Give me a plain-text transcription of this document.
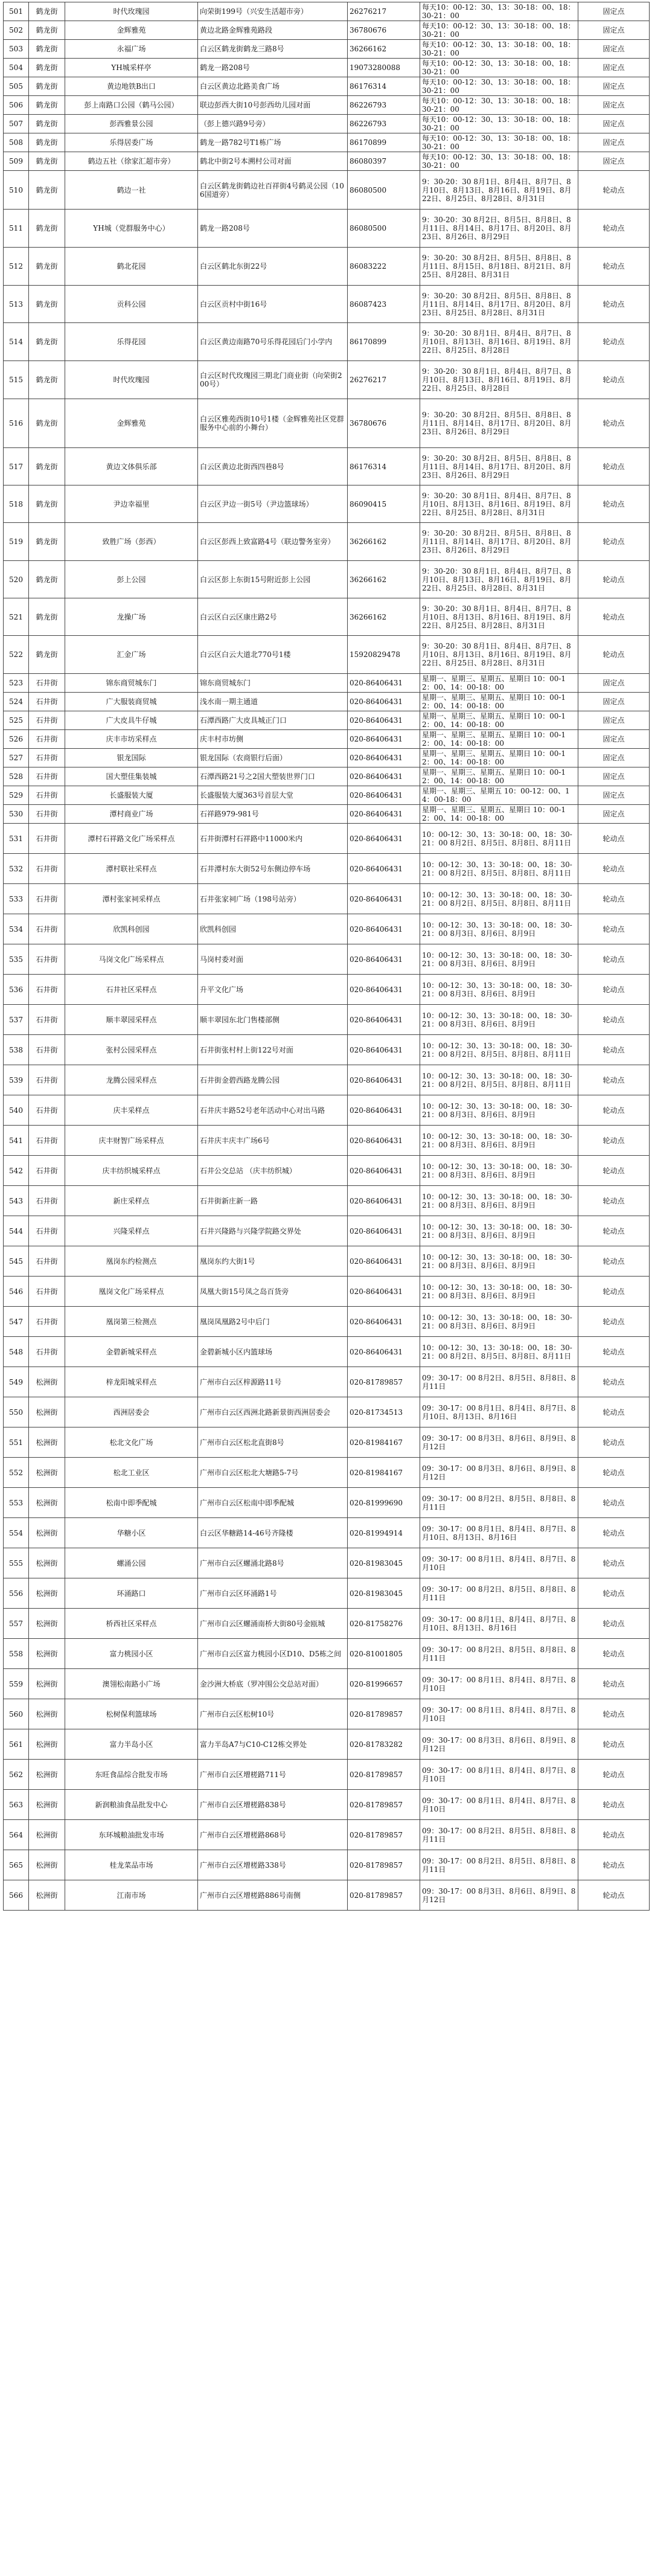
501	鹤龙街	时代玫瑰园	向荣街199号（兴安生活超市旁）	26276217	每天10：00-12：30、13：30-18：00、18：30-21：00	固定点
502	鹤龙街	金辉雅苑	黄边北路金辉雅苑路段	36780676	每天10：00-12：30、13：30-18：00、18：30-21：00	固定点
503	鹤龙街	永福广场	白云区鹤龙街鹤龙三路8号	36266162	每天10：00-12：30、13：30-18：00、18：30-21：00	固定点
504	鹤龙街	YH城采样亭	鹤龙一路208号	19073280088	每天10：00-12：30、13：30-18：00、18：30-21：00	固定点
505	鹤龙街	黄边地铁B出口	白云区黄边北路美食广场	86176314	每天10：00-12：30、13：30-18：00、18：30-21：00	固定点
506	鹤龙街	彭上南路口公园（鹤马公园）	联边彭西大街10号彭西幼儿园对面	86226793	每天10：00-12：30、13：30-18：00、18：30-21：00	固定点
507	鹤龙街	彭西雅景公园	（彭上德兴路9号旁）	86226793	每天10：00-12：30、13：30-18：00、18：30-21：00	固定点
508	鹤龙街	乐得居委广场	鹤龙一路782号T1栋广场	86170899	每天10：00-12：30、13：30-18：00、18：30-21：00	固定点
509	鹤龙街	鹤边五社（徐家汇超市旁）	鹤北中街2号本溯村公司对面	86080397	每天10：00-12：30、13：30-18：00、18：30-21：00	固定点
510	鹤龙街	鹤边一社	白云区鹤龙街鹤边社百祥街4号鹤灵公园（106国道旁）	86080500	9：30-20：30 8月1日、8月4日、8月7日、8月10日、8月13日、8月16日、8月19日、8月22日、8月25日、8月28日、8月31日	轮动点
511	鹤龙街	YH城（党群服务中心）	鹤龙一路208号	86080500	9：30-20：30 8月2日、8月5日、8月8日、8月11日、8月14日、8月17日、8月20日、8月23日、8月26日、8月29日	轮动点
512	鹤龙街	鹤北花园	白云区鹤北东街22号	86083222	9：30-20：30 8月2日、8月5日、8月8日、8月11日、8月15日、8月18日、8月21日、8月25日、8月28日、8月31日	轮动点
513	鹤龙街	贡科公园	白云区贡村中街16号	86087423	9：30-20：30 8月2日、8月5日、8月8日、8月11日、8月14日、8月17日、8月20日、8月23日、8月25日、8月28日、8月31日	轮动点
514	鹤龙街	乐得花园	白云区黄边南路70号乐得花园后门小学内	86170899	9：30-20：30 8月1日、8月4日、8月7日、8月10日、8月13日、8月16日、8月19日、8月22日、8月25日、8月28日	轮动点
515	鹤龙街	时代玫瑰园	白云区时代玫瑰园三期北门商业街（向荣街200号）	26276217	9：30-20：30 8月1日、8月4日、8月7日、8月10日、8月13日、8月16日、8月19日、8月22日、8月25日、8月28日	轮动点
516	鹤龙街	金辉雅苑	白云区雅苑西街10号1楼（金辉雅苑社区党群服务中心前的小舞台）	36780676	9：30-20：30 8月2日、8月5日、8月8日、8月11日、8月14日、8月17日、8月20日、8月23日、8月26日、8月29日	轮动点
517	鹤龙街	黄边文体俱乐部	白云区黄边北街西四巷8号	86176314	9：30-20：30 8月2日、8月5日、8月8日、8月11日、8月14日、8月17日、8月20日、8月23日、8月26日、8月29日	轮动点
518	鹤龙街	尹边幸福里	白云区尹边一街5号（尹边篮球场）	86090415	9：30-20：30 8月1日、8月4日、8月7日、8月10日、8月13日、8月16日、8月19日、8月22日、8月25日、8月28日、8月31日	轮动点
519	鹤龙街	致胜广场（彭西）	白云区彭西上致富路4号（联边警务室旁）	36266162	9：30-20：30 8月2日、8月5日、8月8日、8月11日、8月14日、8月17日、8月20日、8月23日、8月26日、8月29日	轮动点
520	鹤龙街	彭上公园	白云区彭上东街15号附近彭上公园	36266162	9：30-20：30 8月1日、8月4日、8月7日、8月10日、8月13日、8月16日、8月19日、8月22日、8月25日、8月28日、8月31日	轮动点
521	鹤龙街	龙操广场	白云区白云区康庄路2号	36266162	9：30-20：30 8月1日、8月4日、8月7日、8月10日、8月13日、8月16日、8月19日、8月22日、8月25日、8月28日、8月31日	轮动点
522	鹤龙街	汇金广场	白云区白云大道北770号1楼	15920829478	9：30-20：30 8月1日、8月4日、8月7日、8月10日、8月13日、8月16日、8月19日、8月22日、8月25日、8月28日、8月31日	轮动点
523	石井街	锦东商贸城东门	锦东商贸城东门	020-86406431	星期一、星期三、星期五、星期日 10：00-12：00、14：00-18：00	固定点
524	石井街	广大服装商贸城	浅水南一期主通道	020-86406431	星期一、星期三、星期五、星期日 10：00-12：00、14：00-18：00	固定点
525	石井街	广大皮具牛仔城	石潭西路广大皮具城正门口	020-86406431	星期一、星期三、星期五、星期日 10：00-12：00、14：00-18：00	固定点
526	石井街	庆丰市坊采样点	庆丰村市坊侧	020-86406431	星期一、星期三、星期五、星期日 10：00-12：00、14：00-18：00	固定点
527	石井街	银龙国际	银龙国际（农商银行后面）	020-86406431	星期一、星期三、星期五、星期日 10：00-12：00、14：00-18：00	固定点
528	石井街	国大塑佳集装城	石潭西路21号之2国大塑装世界门口	020-86406431	星期一、星期三、星期五、星期日 10：00-12：00、14：00-18：00	固定点
529	石井街	长盛服装大厦	长盛服装大厦363号首层大堂	020-86406431	星期一、星期三、星期五 10：00-12：00、14：00-18：00	固定点
530	石井街	潭村商业广场	石祥路979-981号	020-86406431	星期一、星期三、星期五、星期日 10：00-12：00、14：00-18：00	固定点
531	石井街	潭村石祥路文化广场采样点	石井街潭村石祥路中11000米内	020-86406431	10：00-12：30、13：30-18：00、18：30-21：00 8月2日、8月5日、8月8日、8月11日	轮动点
532	石井街	潭村联社采样点	石井潭村东大街52号东侧边停车场	020-86406431	10：00-12：30、13：30-18：00、18：30-21：00 8月2日、8月5日、8月8日、8月11日	轮动点
533	石井街	潭村张家祠采样点	石井张家祠广场（198号站旁）	020-86406431	10：00-12：30、13：30-18：00、18：30-21：00 8月2日、8月5日、8月8日、8月11日	轮动点
534	石井街	欣凯科创园	欣凯科创园	020-86406431	10：00-12：30、13：30-18：00、18：30-21：00 8月3日、8月6日、8月9日	轮动点
535	石井街	马岗文化广场采样点	马岗村委对面	020-86406431	10：00-12：30、13：30-18：00、18：30-21：00 8月3日、8月6日、8月9日	轮动点
536	石井街	石井社区采样点	升平文化广场	020-86406431	10：00-12：30、13：30-18：00、18：30-21：00 8月3日、8月6日、8月9日	轮动点
537	石井街	顺丰翠园采样点	顺丰翠园东北门售楼部侧	020-86406431	10：00-12：30、13：30-18：00、18：30-21：00 8月3日、8月6日、8月9日	轮动点
538	石井街	张村公园采样点	石井街张村村上街122号对面	020-86406431	10：00-12：30、13：30-18：00、18：30-21：00 8月2日、8月5日、8月8日、8月11日	轮动点
539	石井街	龙腾公园采样点	石井街金碧西路龙腾公园	020-86406431	10：00-12：30、13：30-18：00、18：30-21：00 8月2日、8月5日、8月8日、8月11日	轮动点
540	石井街	庆丰采样点	石井庆丰路52号老年活动中心对出马路	020-86406431	10：00-12：30、13：30-18：00、18：30-21：00 8月3日、8月6日、8月9日	轮动点
541	石井街	庆丰财智广场采样点	石井庆丰庆丰广场6号	020-86406431	10：00-12：30、13：30-18：00、18：30-21：00 8月3日、8月6日、8月9日	轮动点
542	石井街	庆丰纺织城采样点	石井公交总站 （庆丰纺织城）	020-86406431	10：00-12：30、13：30-18：00、18：30-21：00 8月3日、8月6日、8月9日	轮动点
543	石井街	新庄采样点	石井街新庄新一路	020-86406431	10：00-12：30、13：30-18：00、18：30-21：00 8月3日、8月6日、8月9日	轮动点
544	石井街	兴隆采样点	石井兴隆路与兴隆学院路交界处	020-86406431	10：00-12：30、13：30-18：00、18：30-21：00 8月3日、8月6日、8月9日	轮动点
545	石井街	凰岗东约检测点	凰岗东约大街1号	020-86406431	10：00-12：30、13：30-18：00、18：30-21：00 8月3日、8月6日、8月9日	轮动点
546	石井街	凰岗文化广场采样点	凤凰大街15号凤之岛百货旁	020-86406431	10：00-12：30、13：30-18：00、18：30-21：00 8月3日、8月6日、8月9日	轮动点
547	石井街	凰岗第三检测点	凰岗凤凰路2号中后门	020-86406431	10：00-12：30、13：30-18：00、18：30-21：00 8月3日、8月6日、8月9日	轮动点
548	石井街	金碧新城采样点	金碧新城小区内篮球场	020-86406431	10：00-12：30、13：30-18：00、18：30-21：00 8月2日、8月5日、8月8日、8月11日	轮动点
549	松洲街	梓龙阳城采样点	广州市白云区梓源路11号	020-81789857	09：30-17：00 8月2日、8月5日、8月8日、8月11日	轮动点
550	松洲街	西洲居委会	广州市白云区西洲北路新景街西洲居委会	020-81734513	09：30-17：00 8月1日、8月4日、8月7日、8月10日、8月13日、8月16日	轮动点
551	松洲街	松北文化广场	广州市白云区松北直街8号	020-81984167	09：30-17：00 8月3日、8月6日、8月9日、8月12日	轮动点
552	松洲街	松北工业区	广州市白云区松北大塘路5-7号	020-81984167	09：30-17：00 8月3日、8月6日、8月9日、8月12日	轮动点
553	松洲街	松南中即季配城	广州市白云区松南中即季配城	020-81999690	09：30-17：00 8月2日、8月5日、8月8日、8月11日	轮动点
554	松洲街	华糖小区	白云区华糖路14-46号齐隆楼	020-81994914	09：30-17：00 8月1日、8月4日、8月7日、8月10日、8月13日、8月16日	轮动点
555	松洲街	螺涌公园	广州市白云区螺涌北路8号	020-81983045	09：30-17：00 8月1日、8月4日、8月7日、8月10日	轮动点
556	松洲街	环涌路口	广州市白云区环涌路1号	020-81983045	09：30-17：00 8月2日、8月5日、8月8日、8月11日	轮动点
557	松洲街	桥西社区采样点	广州市白云区螺涌南桥大街80号金瓯城	020-81758276	09：30-17：00 8月1日、8月4日、8月7日、8月10日、8月13日、8月16日	轮动点
558	松洲街	富力桃园小区	广州市白云区富力桃园小区D10、D5栋之间	020-81001805	09：30-17：00 8月2日、8月5日、8月8日、8月11日	轮动点
559	松洲街	澳翎松南路小广场	金沙洲大桥底（罗冲围公交总站对面）	020-81996657	09：30-17：00 8月1日、8月4日、8月7日、8月10日	轮动点
560	松洲街	松树保利篮球场	广州市白云区松树10号	020-81789857	09：30-17：00 8月1日、8月4日、8月7日、8月10日	轮动点
561	松洲街	富力半岛小区	富力半岛A7与C10-C12栋交界处	020-81783282	09：30-17：00 8月3日、8月6日、8月9日、8月12日	轮动点
562	松洲街	东旺食品综合批发市场	广州市白云区增槎路711号	020-81789857	09：30-17：00 8月1日、8月4日、8月7日、8月10日	轮动点
563	松洲街	新润粮油食品批发中心	广州市白云区增槎路838号	020-81789857	09：30-17：00 8月1日、8月4日、8月7日、8月10日	轮动点
564	松洲街	东环城粮油批发市场	广州市白云区增槎路868号	020-81789857	09：30-17：00 8月2日、8月5日、8月8日、8月11日	轮动点
565	松洲街	桂龙菜品市场	广州市白云区增槎路338号	020-81789857	09：30-17：00 8月2日、8月5日、8月8日、8月11日	轮动点
566	松洲街	江南市场	广州市白云区增槎路886号南侧	020-81789857	09：30-17：00 8月3日、8月6日、8月9日、8月12日	轮动点
